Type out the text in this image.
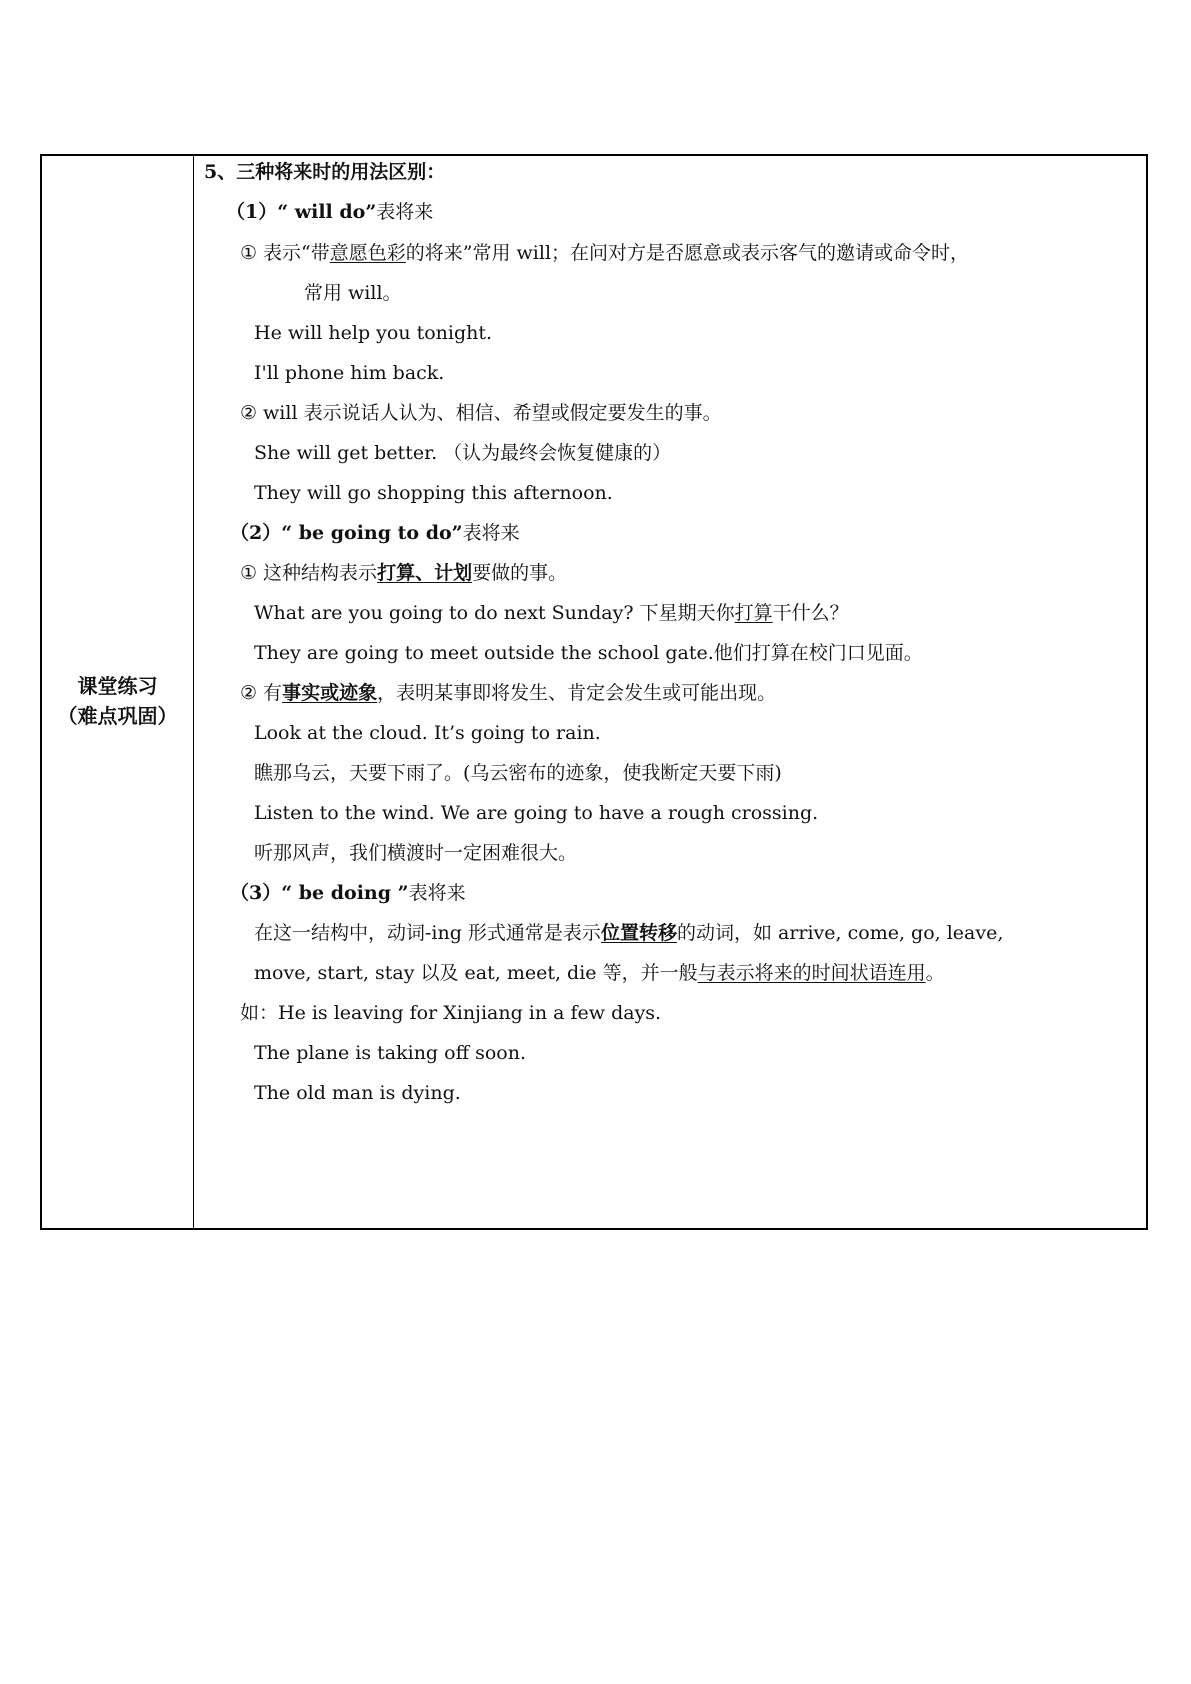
课堂练习
（难点巩固）
5、三种将来时的用法区别：
（1）“ will do”表将来
① 表示“带意愿色彩的将来”常用 will；在问对方是否愿意或表示客气的邀请或命令时，
常用 will。
He will help you tonight.
I'll phone him back.
② will 表示说话人认为、相信、希望或假定要发生的事。
She will get better. （认为最终会恢复健康的）
They will go shopping this afternoon.
（2）“ be going to do”表将来
① 这种结构表示打算、计划要做的事。
What are you going to do next Sunday? 下星期天你打算干什么？
They are going to meet outside the school gate.他们打算在校门口见面。
② 有事实或迹象，表明某事即将发生、肯定会发生或可能出现。
Look at the cloud. It’s going to rain.
瞧那乌云，天要下雨了。(乌云密布的迹象，使我断定天要下雨)
Listen to the wind. We are going to have a rough crossing.
听那风声，我们横渡时一定困难很大。
（3）“ be doing ”表将来
在这一结构中，动词-ing 形式通常是表示位置转移的动词，如 arrive, come, go, leave,
move, start, stay 以及 eat, meet, die 等，并一般与表示将来的时间状语连用。
如：He is leaving for Xinjiang in a few days.
The plane is taking off soon.
The old man is dying.
